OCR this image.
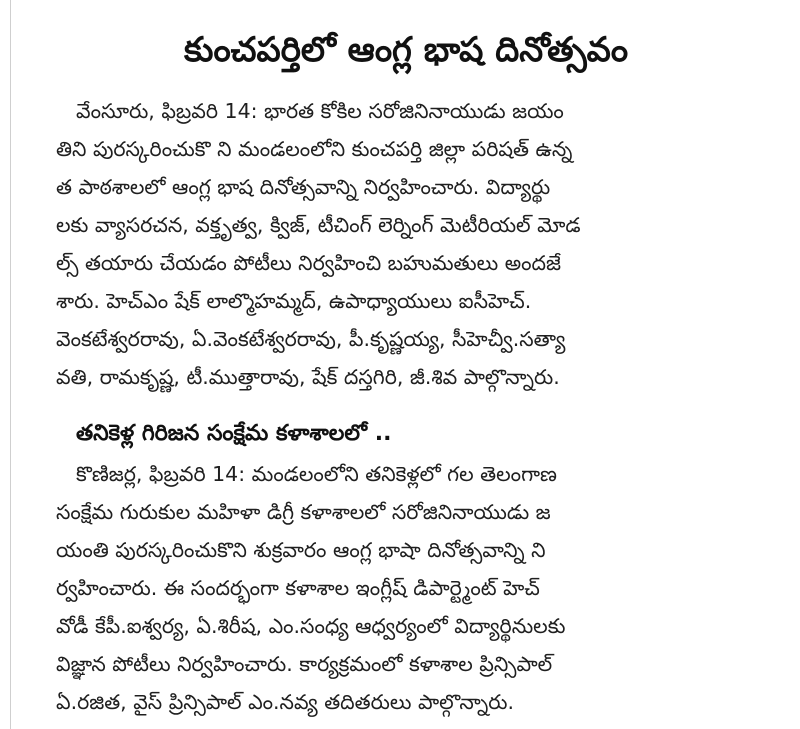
కుంచపర్తిలో ఆంగ్ల భాష దినోత్సవం
వేంసూరు, ఫిబ్రవరి 14: భారత కోకిల సరోజినినాయుడు జయం
తిని పురస్కరించుకొ ని మండలంలోని కుంచపర్తి జిల్లా పరిషత్ ఉన్న
త పాఠశాలలో ఆంగ్ల భాష దినోత్సవాన్ని నిర్వహించారు. విద్యార్థు
లకు వ్యాసరచన, వక్తృత్వ, క్విజ్, టీచింగ్ లెర్నింగ్ మెటీరియల్ మోడ
ల్స్ తయారు చేయడం పోటీలు నిర్వహించి బహుమతులు అందజే
శారు. హెచ్ఎం షేక్ లాల్మొహమ్మద్, ఉపాధ్యాయులు ఐసీహెచ్.
వెంకటేశ్వరరావు, ఏ.వెంకటేశ్వరరావు, పీ.కృష్ణయ్య, సీహెచ్వీ.సత్యా
వతి, రామకృష్ణ, టీ.ముత్తారావు, షేక్ దస్తగిరి, జీ.శివ పాల్గొన్నారు.
తనికెళ్ల గిరిజన సంక్షేమ కళాశాలలో ..
కొణిజర్ల, ఫిబ్రవరి 14: మండలంలోని తనికెళ్లలో గల తెలంగాణ
సంక్షేమ గురుకుల మహిళా డిగ్రీ కళాశాలలో సరోజినినాయుడు జ
యంతి పురస్కరించుకొని శుక్రవారం ఆంగ్ల భాషా దినోత్సవాన్ని ని
ర్వహించారు. ఈ సందర్భంగా కళాశాల ఇంగ్లీష్ డిపార్ట్మెంట్ హెచ్
వోడీ కేపీ.ఐశ్వర్య, ఏ.శిరీష, ఎం.సంధ్య ఆధ్వర్యంలో విద్యార్థినులకు
విజ్ఞాన పోటీలు నిర్వహించారు. కార్యక్రమంలో కళాశాల ప్రిన్సిపాల్
ఏ.రజిత, వైస్ ప్రిన్సిపాల్ ఎం.నవ్య తదితరులు పాల్గొన్నారు.
